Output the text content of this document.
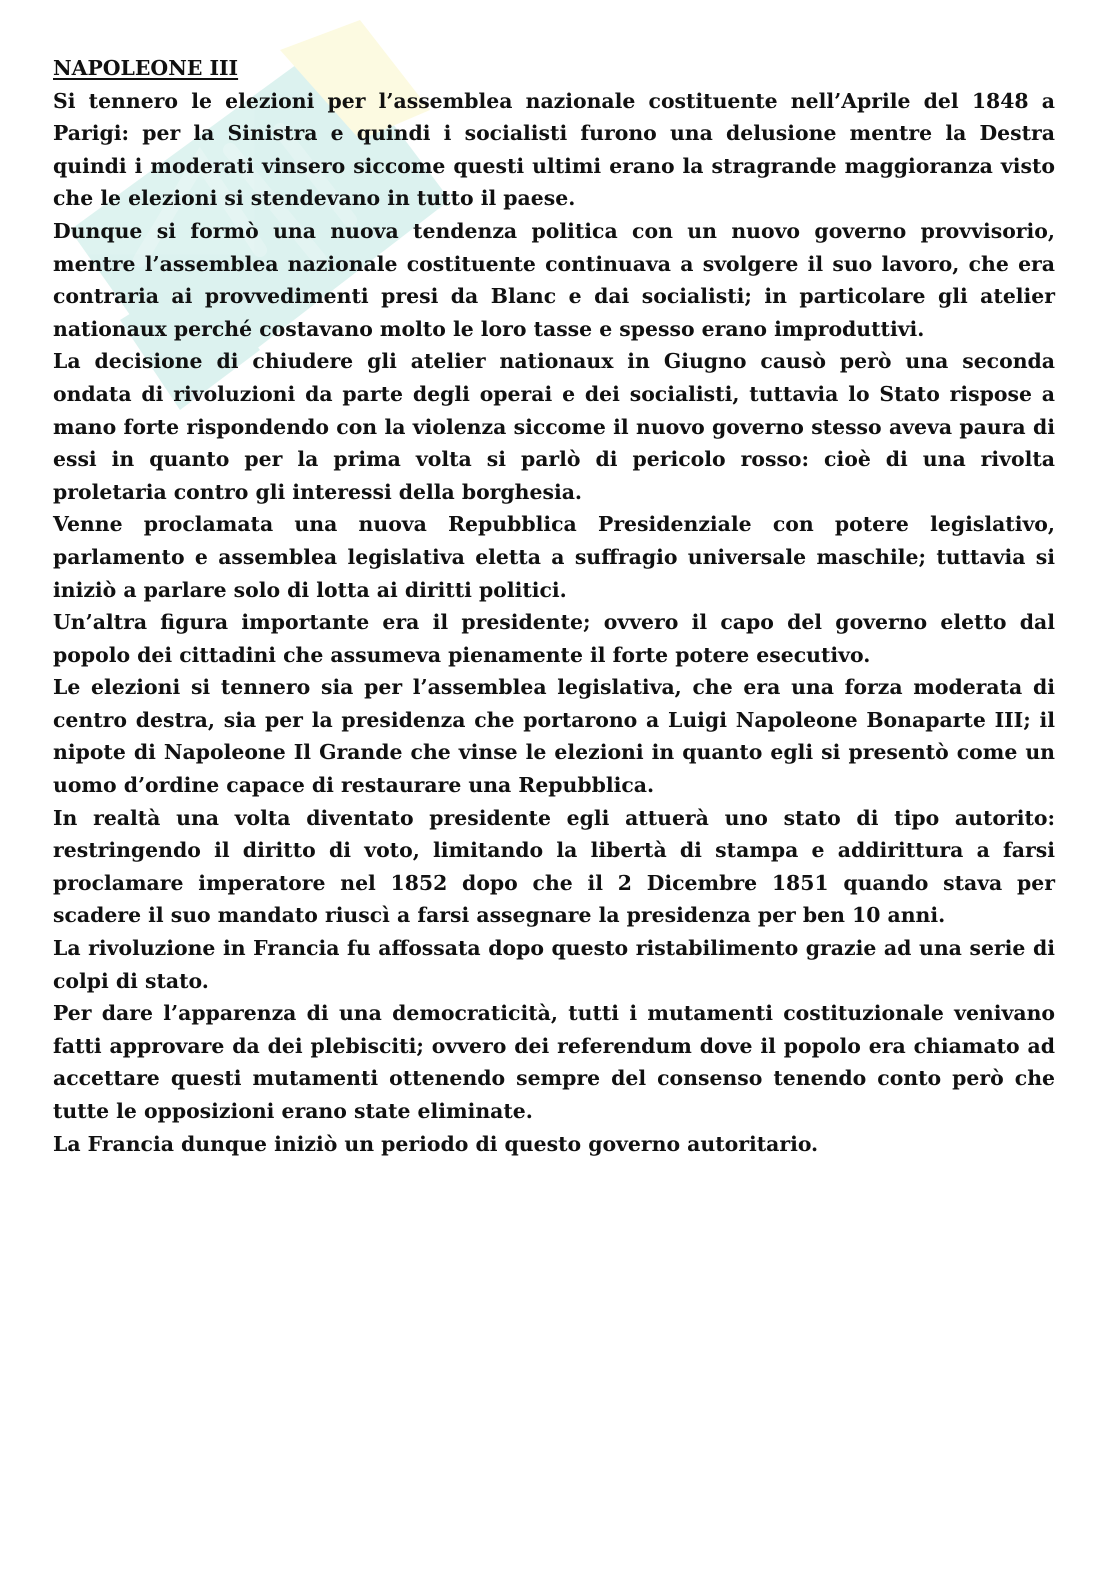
NAPOLEONE III

Si tennero le elezioni per l’assemblea nazionale costituente nell’Aprile del 1848 a Parigi: per la Sinistra e quindi i socialisti furono una delusione mentre la Destra quindi i moderati vinsero siccome questi ultimi erano la stragrande maggioranza visto che le elezioni si stendevano in tutto il paese.

Dunque si formò una nuova tendenza politica con un nuovo governo provvisorio, mentre l’assemblea nazionale costituente continuava a svolgere il suo lavoro, che era contraria ai provvedimenti presi da Blanc e dai socialisti; in particolare gli atelier nationaux perché costavano molto le loro tasse e spesso erano improduttivi.

La decisione di chiudere gli atelier nationaux in Giugno causò però una seconda ondata di rivoluzioni da parte degli operai e dei socialisti, tuttavia lo Stato rispose a mano forte rispondendo con la violenza siccome il nuovo governo stesso aveva paura di essi in quanto per la prima volta si parlò di pericolo rosso: cioè di una rivolta proletaria contro gli interessi della borghesia.

Venne proclamata una nuova Repubblica Presidenziale con potere legislativo, parlamento e assemblea legislativa eletta a suffragio universale maschile; tuttavia si iniziò a parlare solo di lotta ai diritti politici.

Un’altra figura importante era il presidente; ovvero il capo del governo eletto dal popolo dei cittadini che assumeva pienamente il forte potere esecutivo.

Le elezioni si tennero sia per l’assemblea legislativa, che era una forza moderata di centro destra, sia per la presidenza che portarono a Luigi Napoleone Bonaparte III; il nipote di Napoleone Il Grande che vinse le elezioni in quanto egli si presentò come un uomo d’ordine capace di restaurare una Repubblica.

In realtà una volta diventato presidente egli attuerà uno stato di tipo autorito: restringendo il diritto di voto, limitando la libertà di stampa e addirittura a farsi proclamare imperatore nel 1852 dopo che il 2 Dicembre 1851 quando stava per scadere il suo mandato riuscì a farsi assegnare la presidenza per ben 10 anni.

La rivoluzione in Francia fu affossata dopo questo ristabilimento grazie ad una serie di colpi di stato.

Per dare l’apparenza di una democraticità, tutti i mutamenti costituzionale venivano fatti approvare da dei plebisciti; ovvero dei referendum dove il popolo era chiamato ad accettare questi mutamenti ottenendo sempre del consenso tenendo conto però che tutte le opposizioni erano state eliminate.

La Francia dunque iniziò un periodo di questo governo autoritario.
